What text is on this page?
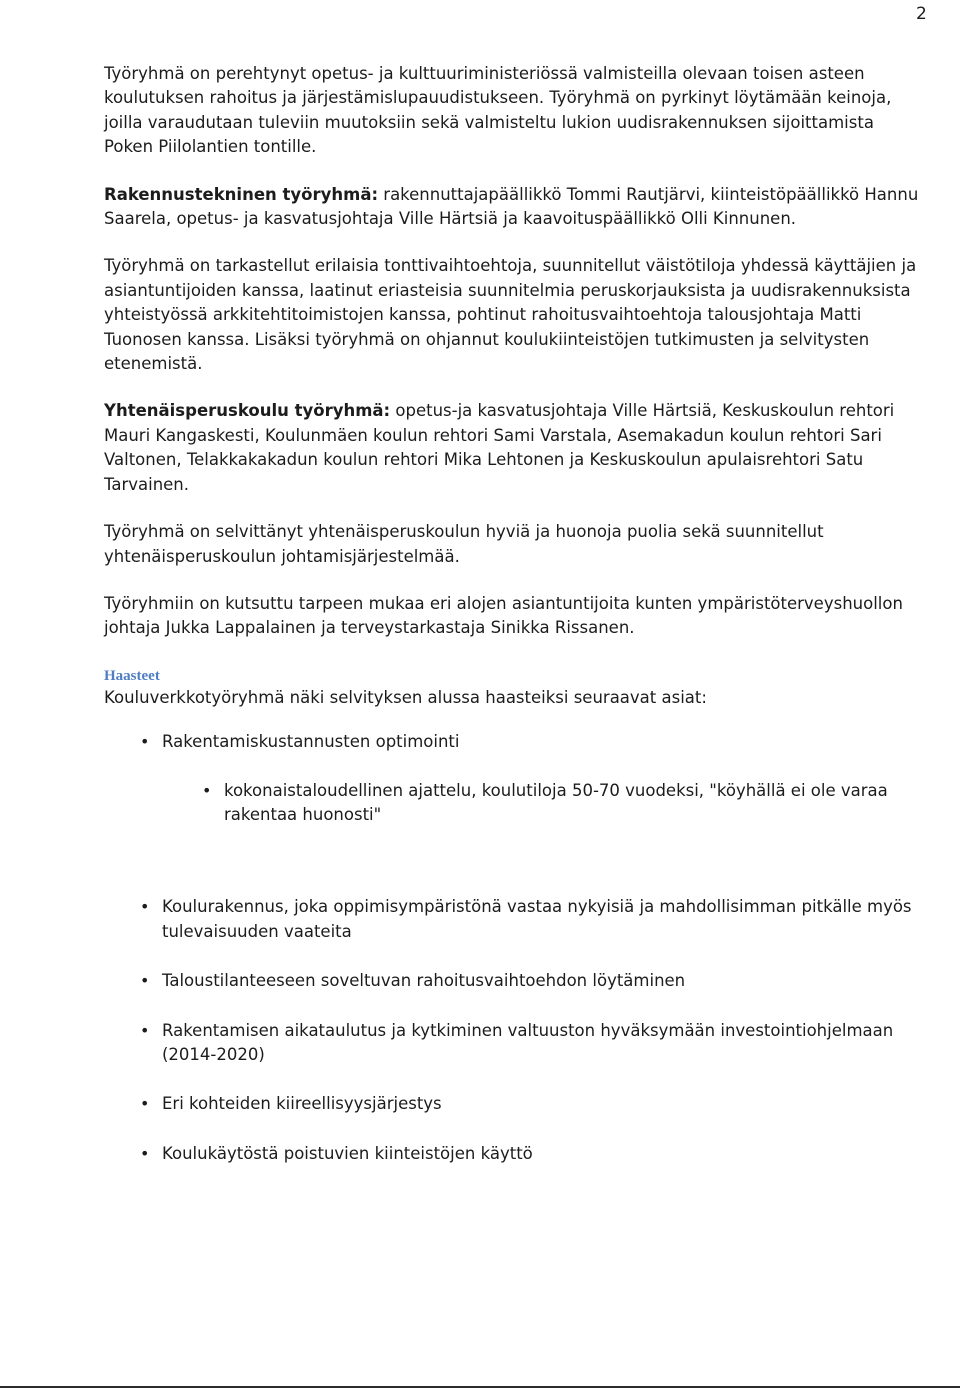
2

Työryhmä on perehtynyt opetus- ja kulttuuriministeriössä valmisteilla olevaan toisen asteen koulutuksen rahoitus ja järjestämislupauudistukseen. Työryhmä on pyrkinyt löytämään keinoja, joilla varaudutaan tuleviin muutoksiin sekä valmisteltu lukion uudisrakennuksen sijoittamista Poken Piilolantien tontille.

Rakennustekninen työryhmä: rakennuttajapäällikkö Tommi Rautjärvi, kiinteistöpäällikkö Hannu Saarela, opetus- ja kasvatusjohtaja Ville Härtsiä ja kaavoituspäällikkö Olli Kinnunen.

Työryhmä on tarkastellut erilaisia tonttivaihtoehtoja, suunnitellut väistötiloja yhdessä käyttäjien ja asiantuntijoiden kanssa, laatinut eriasteisia suunnitelmia peruskorjauksista ja uudisrakennuksista yhteistyössä arkkitehtitoimistojen kanssa, pohtinut rahoitusvaihtoehtoja talousjohtaja Matti Tuonosen kanssa. Lisäksi työryhmä on ohjannut koulukiinteistöjen tutkimusten ja selvitysten etenemistä.

Yhtenäisperuskoulu työryhmä: opetus-ja kasvatusjohtaja Ville Härtsiä, Keskuskoulun rehtori Mauri Kangaskesti, Koulunmäen koulun rehtori Sami Varstala, Asemakadun koulun rehtori Sari Valtonen, Telakkakakadun koulun rehtori Mika Lehtonen ja Keskuskoulun apulaisrehtori Satu Tarvainen.

Työryhmä on selvittänyt yhtenäisperuskoulun hyviä ja huonoja puolia sekä suunnitellut yhtenäisperuskoulun johtamisjärjestelmää.

Työryhmiin on kutsuttu tarpeen mukaa eri alojen asiantuntijoita kunten ympäristöterveyshuollon johtaja Jukka Lappalainen ja terveystarkastaja Sinikka Rissanen.

Haasteet

Kouluverkkotyöryhmä näki selvityksen alussa haasteiksi seuraavat asiat:

• Rakentamiskustannusten optimointi
• kokonaistaloudellinen ajattelu, koulutiloja 50-70 vuodeksi, "köyhällä ei ole varaa rakentaa huonosti"
• Koulurakennus, joka oppimisympäristönä vastaa nykyisiä ja mahdollisimman pitkälle myös tulevaisuuden vaateita
• Taloustilanteeseen soveltuvan rahoitusvaihtoehdon löytäminen
• Rakentamisen aikataulutus ja kytkiminen valtuuston hyväksymään investointiohjelmaan (2014-2020)
• Eri kohteiden kiireellisyysjärjestys
• Koulukäytöstä poistuvien kiinteistöjen käyttö
